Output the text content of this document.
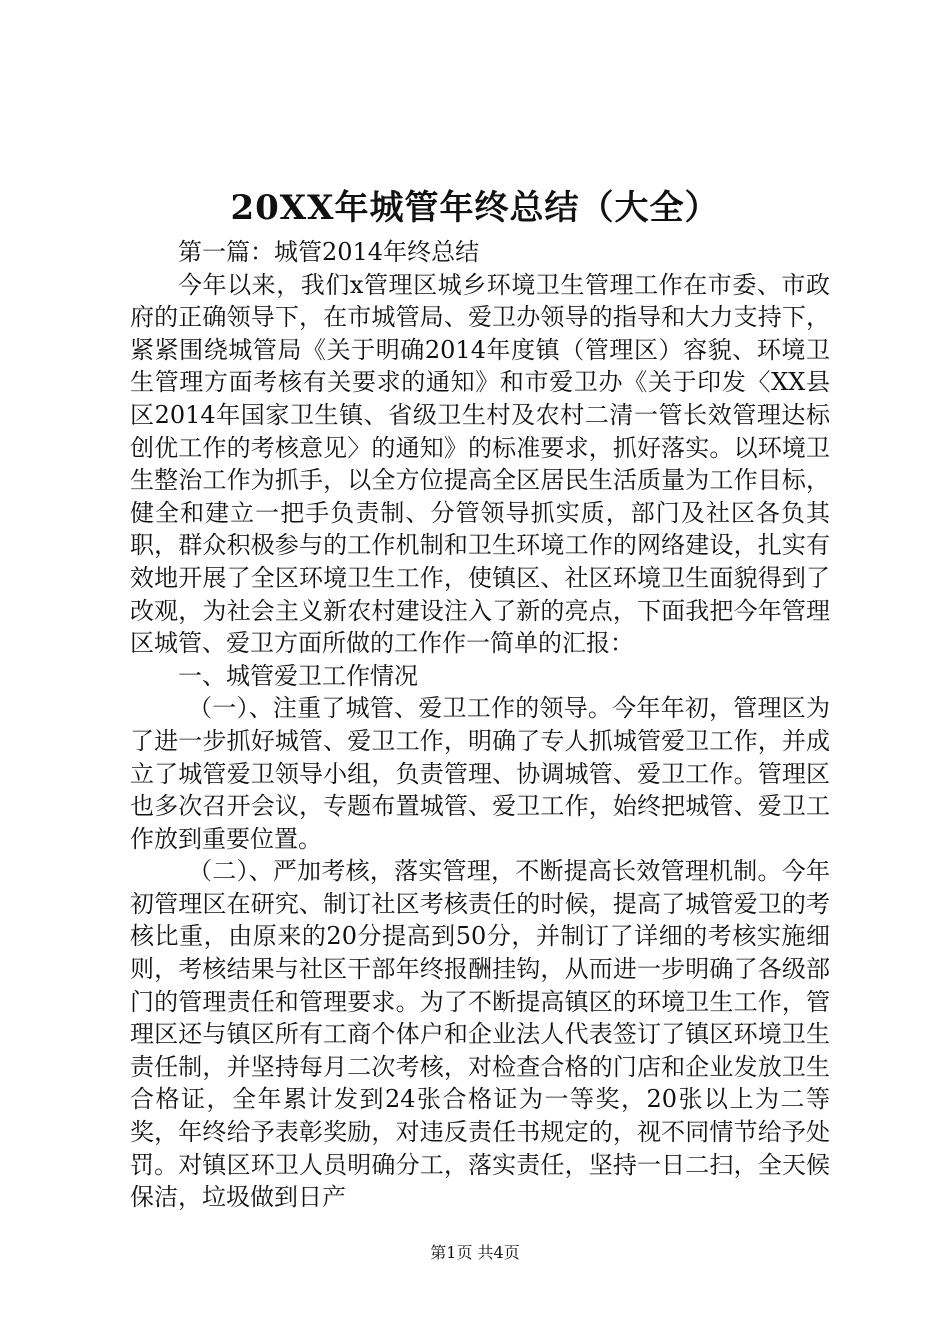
20XX年城管年终总结（大全）

第一篇：城管2014年终总结

今年以来，我们x管理区城乡环境卫生管理工作在市委、市政府的正确领导下，在市城管局、爱卫办领导的指导和大力支持下，紧紧围绕城管局《关于明确2014年度镇（管理区）容貌、环境卫生管理方面考核有关要求的通知》和市爱卫办《关于印发〈XX县区2014年国家卫生镇、省级卫生村及农村二清一管长效管理达标创优工作的考核意见〉的通知》的标准要求，抓好落实。以环境卫生整治工作为抓手，以全方位提高全区居民生活质量为工作目标，健全和建立一把手负责制、分管领导抓实质，部门及社区各负其职，群众积极参与的工作机制和卫生环境工作的网络建设，扎实有效地开展了全区环境卫生工作，使镇区、社区环境卫生面貌得到了改观，为社会主义新农村建设注入了新的亮点，下面我把今年管理区城管、爱卫方面所做的工作作一简单的汇报：

一、城管爱卫工作情况

（一）、注重了城管、爱卫工作的领导。今年年初，管理区为了进一步抓好城管、爱卫工作，明确了专人抓城管爱卫工作，并成立了城管爱卫领导小组，负责管理、协调城管、爱卫工作。管理区也多次召开会议，专题布置城管、爱卫工作，始终把城管、爱卫工作放到重要位置。

（二）、严加考核，落实管理，不断提高长效管理机制。今年初管理区在研究、制订社区考核责任的时候，提高了城管爱卫的考核比重，由原来的20分提高到50分，并制订了详细的考核实施细则，考核结果与社区干部年终报酬挂钩，从而进一步明确了各级部门的管理责任和管理要求。为了不断提高镇区的环境卫生工作，管理区还与镇区所有工商个体户和企业法人代表签订了镇区环境卫生责任制，并坚持每月二次考核，对检查合格的门店和企业发放卫生合格证，全年累计发到24张合格证为一等奖，20张以上为二等奖，年终给予表彰奖励，对违反责任书规定的，视不同情节给予处罚。对镇区环卫人员明确分工，落实责任，坚持一日二扫，全天候保洁，垃圾做到日产

第1页 共4页
